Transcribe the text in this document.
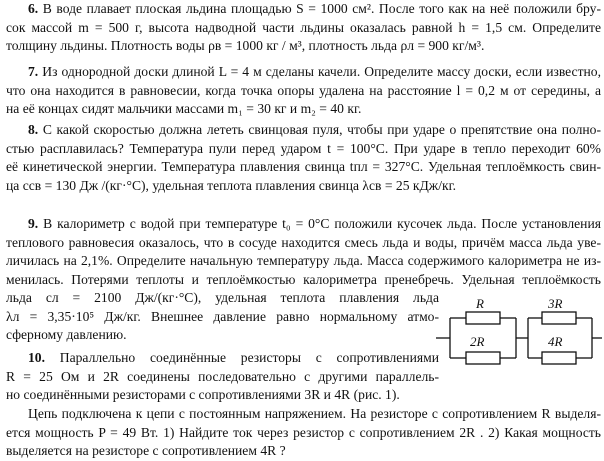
6. В воде плавает плоская льдина площадью S = 1000 см². После того как на неё положили бру-
сок массой m = 500 г, высота надводной части льдины оказалась равной h = 1,5 см. Определите
толщину льдины. Плотность воды ρв = 1000 кг / м³, плотность льда ρл = 900 кг/м³.
7. Из однородной доски длиной L = 4 м сделаны качели. Определите массу доски, если известно,
что она находится в равновесии, когда точка опоры удалена на расстояние l = 0,2 м от середины, а
на её концах сидят мальчики массами m₁ = 30 кг и m₂ = 40 кг.
8. С какой скоростью должна лететь свинцовая пуля, чтобы при ударе о препятствие она полно-
стью расплавилась? Температура пули перед ударом t = 100°C. При ударе в тепло переходит 60%
её кинетической энергии. Температура плавления свинца tпл = 327°C. Удельная теплоёмкость свин-
ца cсв = 130 Дж /(кг·°C), удельная теплота плавления свинца λсв = 25 кДж/кг.
9. В калориметр с водой при температуре t₀ = 0°C положили кусочек льда. После установления
теплового равновесия оказалось, что в сосуде находится смесь льда и воды, причём масса льда уве-
личилась на 2,1%. Определите начальную температуру льда. Масса содержимого калориметра не из-
менилась. Потерями теплоты и теплоёмкостью калориметра пренебречь. Удельная теплоёмкость
льда cл = 2100 Дж/(кг·°C), удельная теплота плавления льда
λл = 3,35·10⁵ Дж/кг. Внешнее давление равно нормальному атмо-
сферному давлению.
10. Параллельно соединённые резисторы с сопротивлениями
R = 25 Ом и 2R соединены последовательно с другими параллель-
но соединёнными резисторами с сопротивлениями 3R и 4R (рис. 1).
Цепь подключена к цепи с постоянным напряжением. На резисторе с сопротивлением R выделя-
ется мощность P = 49 Вт. 1) Найдите ток через резистор с сопротивлением 2R . 2) Какая мощность
выделяется на резисторе с сопротивлением 4R ?
R
2R
3R
4R
